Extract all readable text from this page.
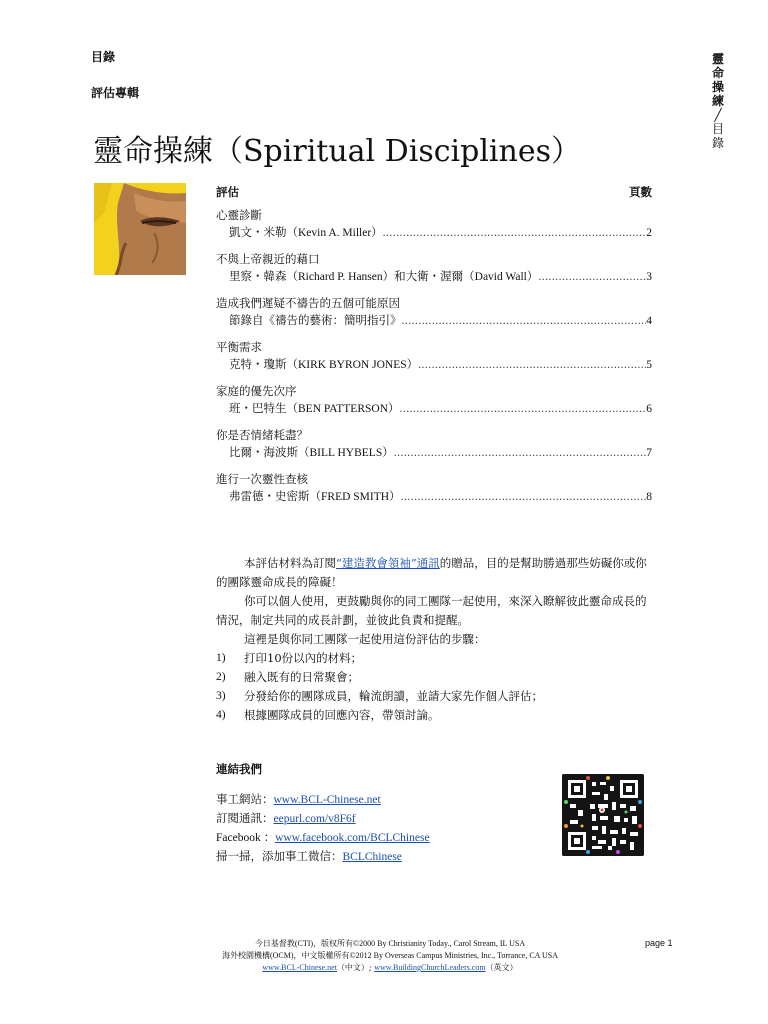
目錄
評估專輯
靈命操練（Spiritual Disciplines）
靈
命
操
練
╱
目
錄
評估	頁數
心靈診斷
凱文・米勒（Kevin A. Miller） .....	2
不與上帝親近的藉口
里察・韓森（Richard P. Hansen）和大衛・渥爾（David Wall） .....	3
造成我們遲疑不禱告的五個可能原因
節錄自《禱告的藝術：簡明指引》 .....	4
平衡需求
克特・瓊斯（KIRK BYRON JONES） .....	5
家庭的優先次序
班・巴特生（BEN PATTERSON） .....	6
你是否情緒耗盡？
比爾・海波斯（BILL HYBELS） .....	7
進行一次靈性查核
弗雷德・史密斯（FRED SMITH） .....	8

本評估材料為訂閱“建造教會領袖”通訊的贈品，目的是幫助勝過那些妨礙你或你的團隊靈命成長的障礙！

你可以個人使用，更鼓勵與你的同工團隊一起使用，來深入瞭解彼此靈命成長的情況，制定共同的成長計劃，並彼此負責和提醒。

這裡是與你同工團隊一起使用這份評估的步驟：

1)	打印10份以內的材料；
2)	融入既有的日常聚會；
3)	分發給你的團隊成員，輪流朗讀，並請大家先作個人評估；
4)	根據團隊成員的回應內容，帶領討論。
連結我們
事工網站：www.BCL-Chinese.net
訂閱通訊：eepurl.com/v8F6f
Facebook ：www.facebook.com/BCLChinese
掃一掃，添加事工微信：BCLChinese
今日基督教(CTI)，版权所有©2000 By Christianity Today., Carol Stream, IL USA
海外校園機構(OCM)，中文版權所有©2012 By Overseas Campus Ministries, Inc., Torrance, CA USA
www.BCL-Chinese.net（中文）; www.BuildingChurchLeaders.com（英文）
page 1
